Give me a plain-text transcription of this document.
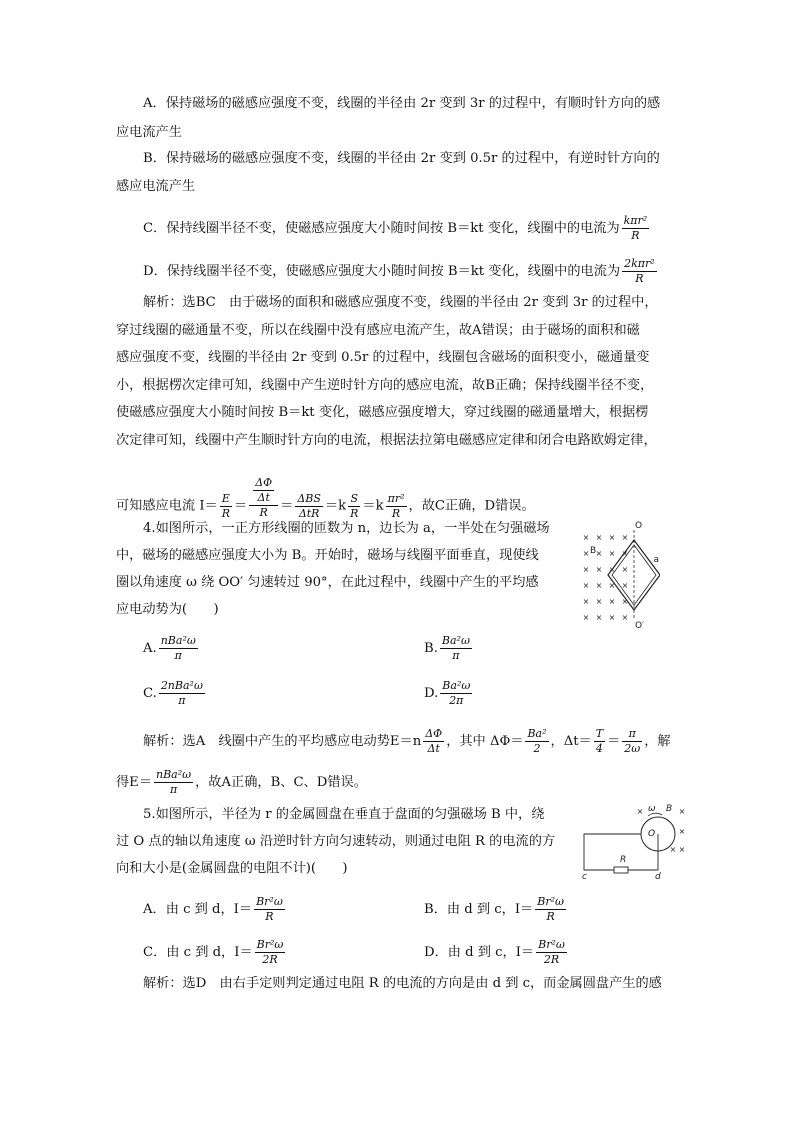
A．保持磁场的磁感应强度不变，线圈的半径由 2r 变到 3r 的过程中，有顺时针方向的感
应电流产生
B．保持磁场的磁感应强度不变，线圈的半径由 2r 变到 0.5r 的过程中，有逆时针方向的
感应电流产生
C．保持线圈半径不变，使磁感应强度大小随时间按 B＝kt 变化，线圈中的电流为 $\frac{\text{kπr²}}{R}$
D．保持线圈半径不变，使磁感应强度大小随时间按 B＝kt 变化，线圈中的电流为 $\frac{\text{2kπr²}}{R}$
解析：选BC　由于磁场的面积和磁感应强度不变，线圈的半径由 2r 变到 3r 的过程中，
穿过线圈的磁通量不变，所以在线圈中没有感应电流产生，故A错误；由于磁场的面积和磁
感应强度不变，线圈的半径由 2r 变到 0.5r 的过程中，线圈包含磁场的面积变小，磁通量变
小，根据楞次定律可知，线圈中产生逆时针方向的感应电流，故B正确；保持线圈半径不变，
使磁感应强度大小随时间按 B＝kt 变化，磁感应强度增大，穿过线圈的磁通量增大，根据楞
次定律可知，线圈中产生顺时针方向的电流，根据法拉第电磁感应定律和闭合电路欧姆定律，
可知感应电流 $I= \frac{E}{R} = \frac{\frac{\Delta\Phi}{\Delta t}}{R} = \frac{\text{ΔBS}}{\text{ΔtR}} =k \frac{S}{R} =k \frac{\text{πr²}}{R}$ ，故C正确，D错误。
4.如图所示，一正方形线圈的匝数为 n，边长为 a，一半处在匀强磁场
中，磁场的磁感应强度大小为 B。开始时，磁场与线圈平面垂直，现使线
圈以角速度 ω 绕 OO′ 匀速转过 90°，在此过程中，线圈中产生的平均感
应电动势为(　　)
O
O′
B
a
× × × ×
× × × ×
× × × ×
× × × ×
× × × ×
× × × ×
A. $\frac{\text{nBa²ω}}{\pi}$	B. $\frac{\text{Ba²ω}}{\pi}$
C. $\frac{\text{2nBa²ω}}{\pi}$	D. $\frac{\text{Ba²ω}}{2\pi}$
解析：选A　线圈中产生的平均感应电动势$E=n \frac{\Delta\Phi}{\Delta t}$ ，其中 $\Delta\Phi= \frac{\text{Ba²}}{2}$ ，$\Delta t= \frac{T}{4} = \frac{\pi}{2\omega}$ ，解
得$E= \frac{\text{nBa²ω}}{\pi}$ ，故A正确，B、C、D错误。
5.如图所示，半径为 r 的金属圆盘在垂直于盘面的匀强磁场 B 中，绕
过 O 点的轴以角速度 ω 沿逆时针方向匀速转动，则通过电阻 R 的电流的方
向和大小是(金属圆盘的电阻不计)(　　)
×
×
×
×
×
ω B
O
R
c	d
A．由 c 到 d，$I= \frac{\text{Br²ω}}{R}$	B．由 d 到 c，$I= \frac{\text{Br²ω}}{R}$
C．由 c 到 d，$I= \frac{\text{Br²ω}}{2R}$	D．由 d 到 c，$I= \frac{\text{Br²ω}}{2R}$
解析：选D　由右手定则判定通过电阻 R 的电流的方向是由 d 到 c，而金属圆盘产生的感
